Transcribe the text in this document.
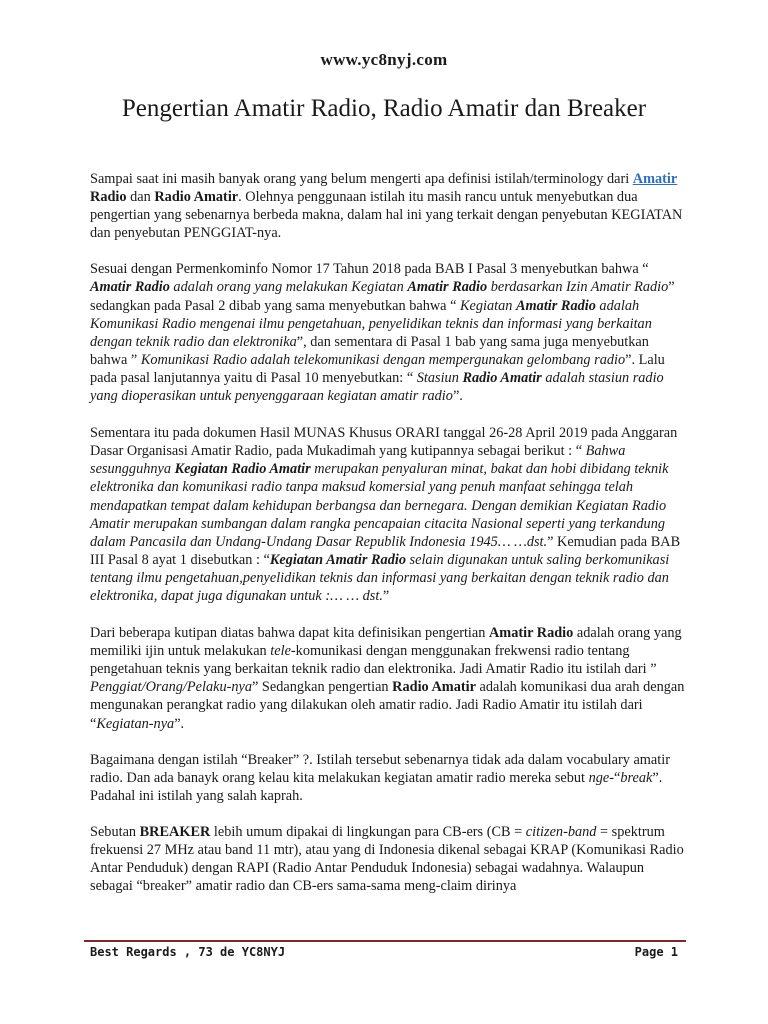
www.yc8nyj.com
Pengertian Amatir Radio, Radio Amatir dan Breaker

Sampai saat ini masih banyak orang yang belum mengerti apa definisi istilah/terminology dari Amatir Radio dan Radio Amatir. Olehnya penggunaan istilah itu masih rancu untuk menyebutkan dua pengertian yang sebenarnya berbeda makna, dalam hal ini yang terkait dengan penyebutan KEGIATAN dan penyebutan PENGGIAT-nya.

Sesuai dengan Permenkominfo Nomor 17 Tahun 2018 pada BAB I Pasal 3 menyebutkan bahwa “ Amatir Radio adalah orang yang melakukan Kegiatan Amatir Radio berdasarkan Izin Amatir Radio” sedangkan pada Pasal 2 dibab yang sama menyebutkan bahwa “ Kegiatan Amatir Radio adalah Komunikasi Radio mengenai ilmu pengetahuan, penyelidikan teknis dan informasi yang berkaitan dengan teknik radio dan elektronika”, dan sementara di Pasal 1 bab yang sama juga menyebutkan bahwa ” Komunikasi Radio adalah telekomunikasi dengan mempergunakan gelombang radio”. Lalu pada pasal lanjutannya yaitu di Pasal 10 menyebutkan: “ Stasiun Radio Amatir adalah stasiun radio yang dioperasikan untuk penyenggaraan kegiatan amatir radio”.

Sementara itu pada dokumen Hasil MUNAS Khusus ORARI tanggal 26-28 April 2019 pada Anggaran Dasar Organisasi Amatir Radio, pada Mukadimah yang kutipannya sebagai berikut : “ Bahwa sesungguhnya Kegiatan Radio Amatir merupakan penyaluran minat, bakat dan hobi dibidang teknik elektronika dan komunikasi radio tanpa maksud komersial yang penuh manfaat sehingga telah mendapatkan tempat dalam kehidupan berbangsa dan bernegara. Dengan demikian Kegiatan Radio Amatir merupakan sumbangan dalam rangka pencapaian citacita Nasional seperti yang terkandung dalam Pancasila dan Undang-Undang Dasar Republik Indonesia 1945… …dst.” Kemudian pada BAB III Pasal 8 ayat 1 disebutkan : “Kegiatan Amatir Radio selain digunakan untuk saling berkomunikasi tentang ilmu pengetahuan,penyelidikan teknis dan informasi yang berkaitan dengan teknik radio dan elektronika, dapat juga digunakan untuk :… … dst.”

Dari beberapa kutipan diatas bahwa dapat kita definisikan pengertian Amatir Radio adalah orang yang memiliki ijin untuk melakukan tele-komunikasi dengan menggunakan frekwensi radio tentang pengetahuan teknis yang berkaitan teknik radio dan elektronika. Jadi Amatir Radio itu istilah dari ” Penggiat/Orang/Pelaku-nya” Sedangkan pengertian Radio Amatir adalah komunikasi dua arah dengan mengunakan perangkat radio yang dilakukan oleh amatir radio. Jadi Radio Amatir itu istilah dari “Kegiatan-nya”.

Bagaimana dengan istilah “Breaker” ?. Istilah tersebut sebenarnya tidak ada dalam vocabulary amatir radio. Dan ada banayk orang kelau kita melakukan kegiatan amatir radio mereka sebut nge-“break”. Padahal ini istilah yang salah kaprah.

Sebutan BREAKER lebih umum dipakai di lingkungan para CB-ers (CB = citizen-band = spektrum frekuensi 27 MHz atau band 11 mtr), atau yang di Indonesia dikenal sebagai KRAP (Komunikasi Radio Antar Penduduk) dengan RAPI (Radio Antar Penduduk Indonesia) sebagai wadahnya. Walaupun sebagai “breaker” amatir radio dan CB-ers sama-sama meng-claim dirinya

Best Regards , 73 de YC8NYJ	Page 1
